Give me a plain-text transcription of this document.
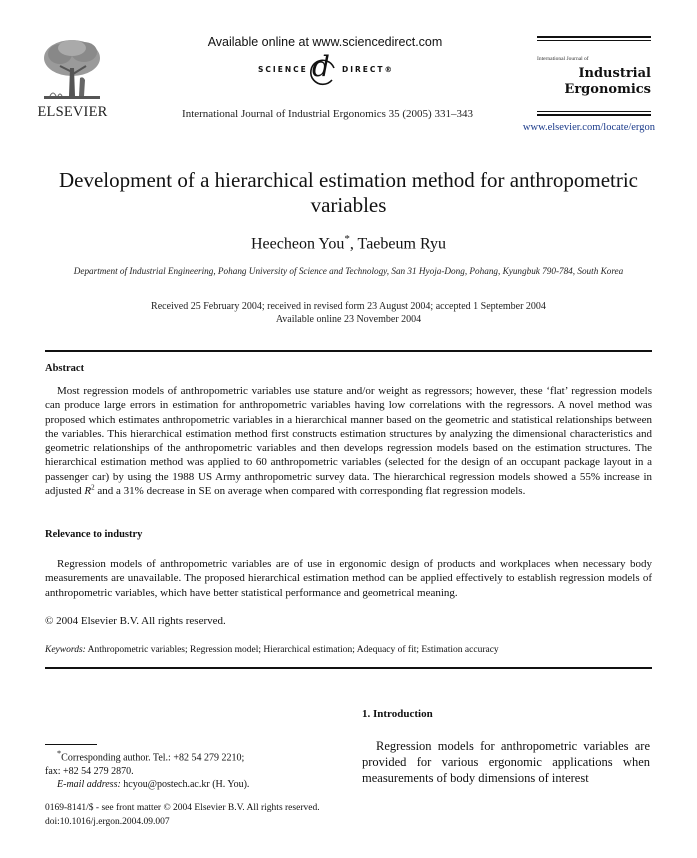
ELSEVIER
Available online at www.sciencedirect.com
SCIENCE d DIRECT®
International Journal of Industrial Ergonomics 35 (2005) 331–343
International Journal of
Industrial
Ergonomics
www.elsevier.com/locate/ergon
Development of a hierarchical estimation method for anthropometric variables
Heecheon You*, Taebeum Ryu
Department of Industrial Engineering, Pohang University of Science and Technology, San 31 Hyoja-Dong, Pohang, Kyungbuk 790-784, South Korea
Received 25 February 2004; received in revised form 23 August 2004; accepted 1 September 2004
Available online 23 November 2004
Abstract
Most regression models of anthropometric variables use stature and/or weight as regressors; however, these ‘flat’ regression models can produce large errors in estimation for anthropometric variables having low correlations with the regressors. A novel method was proposed which estimates anthropometric variables in a hierarchical manner based on the geometric and statistical relationships between the variables. This hierarchical estimation method first constructs estimation structures by analyzing the dimensional characteristics and geometric relationships of the anthropometric variables and then develops regression models based on the estimation structures. The hierarchical estimation method was applied to 60 anthropometric variables (selected for the design of an occupant package layout in a passenger car) by using the 1988 US Army anthropometric survey data. The hierarchical regression models showed a 55% increase in adjusted $R^2$ and a 31% decrease in SE on average when compared with corresponding flat regression models.
Relevance to industry
Regression models of anthropometric variables are of use in ergonomic design of products and workplaces when necessary body measurements are unavailable. The proposed hierarchical estimation method can be applied effectively to establish regression models of anthropometric variables, which have better statistical performance and geometrical meaning.
© 2004 Elsevier B.V. All rights reserved.
Keywords: Anthropometric variables; Regression model; Hierarchical estimation; Adequacy of fit; Estimation accuracy
1. Introduction
Regression models for anthropometric variables are provided for various ergonomic applications when measurements of body dimensions of interest
*Corresponding author. Tel.: +82 54 279 2210;
fax: +82 54 279 2870.
E-mail address: hcyou@postech.ac.kr (H. You).
0169-8141/$ - see front matter © 2004 Elsevier B.V. All rights reserved.
doi:10.1016/j.ergon.2004.09.007
